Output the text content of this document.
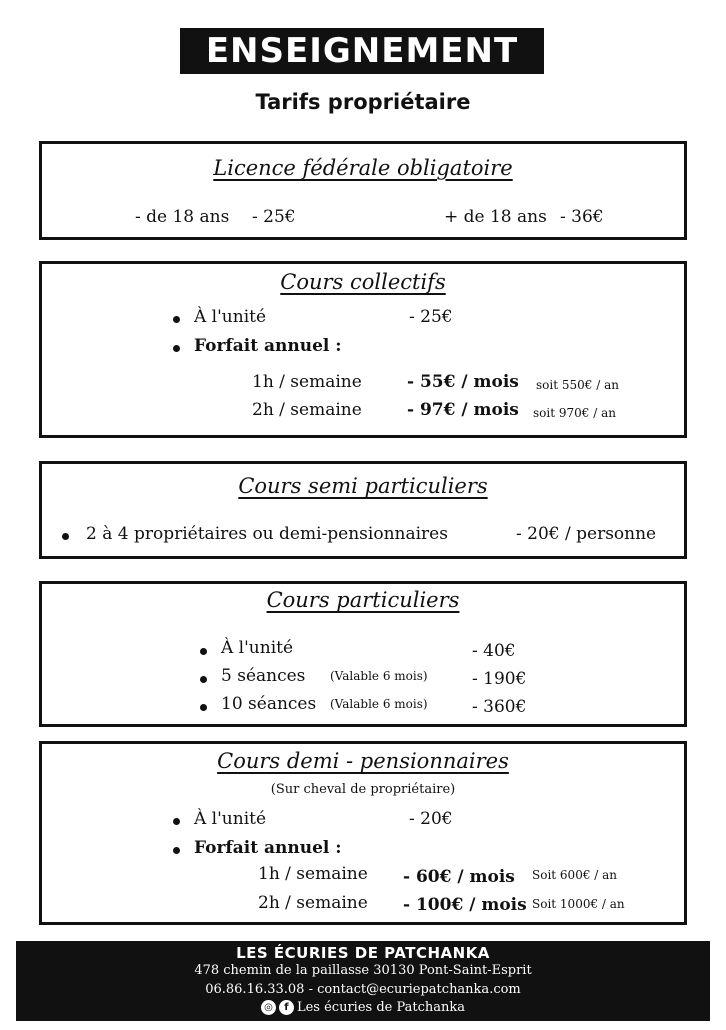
ENSEIGNEMENT
Tarifs propriétaire
Licence fédérale obligatoire
- de 18 ans - 25€	+ de 18 ans - 36€
Cours collectifs
À l'unité	- 25€
Forfait annuel :
1h / semaine	- 55€ / mois soit 550€ / an
2h / semaine	- 97€ / mois soit 970€ / an
Cours semi particuliers
2 à 4 propriétaires ou demi-pensionnaires	- 20€ / personne
Cours particuliers
À l'unité	- 40€
5 séances (Valable 6 mois)	- 190€
10 séances (Valable 6 mois)	- 360€
Cours demi - pensionnaires
(Sur cheval de propriétaire)
À l'unité	- 20€
Forfait annuel :
1h / semaine - 60€ / mois Soit 600€ / an
2h / semaine - 100€ / mois Soit 1000€ / an
LES ÉCURIES DE PATCHANKA
478 chemin de la paillasse 30130 Pont-Saint-Esprit
06.86.16.33.08 - contact@ecuriepatchanka.com
◎	f Les écuries de Patchanka
